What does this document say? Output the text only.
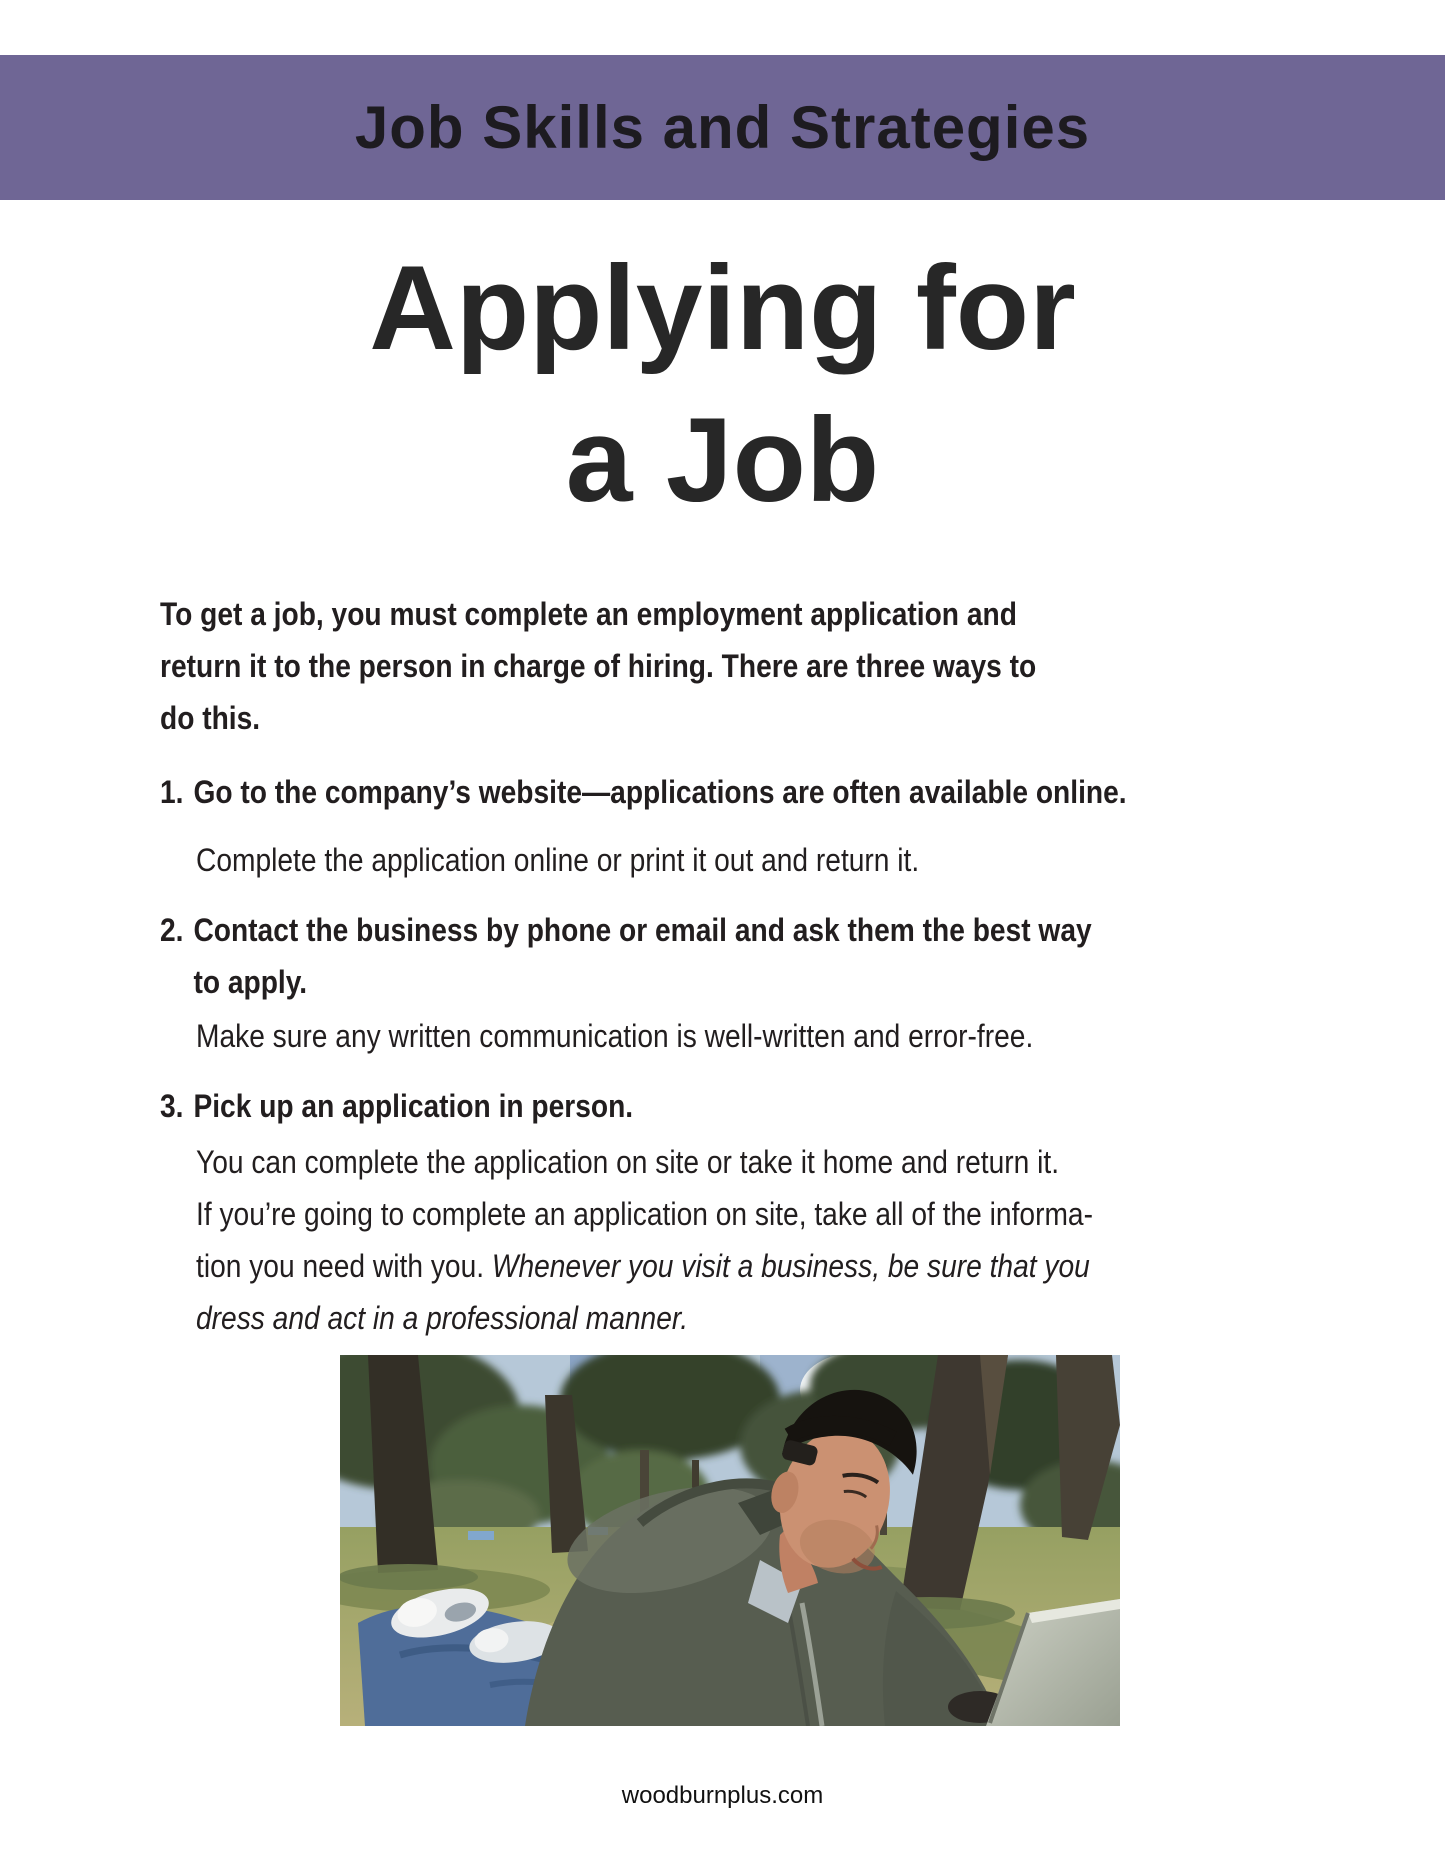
Job Skills and Strategies
Applying for
a Job

To get a job, you must complete an employment application and
return it to the person in charge of hiring. There are three ways to
do this.

1. Go to the company’s website—applications are often available online.

Complete the application online or print it out and return it.

2. Contact the business by phone or email and ask them the best way
to apply.

Make sure any written communication is well-written and error-free.

3. Pick up an application in person.

You can complete the application on site or take it home and return it.
If you’re going to complete an application on site, take all of the informa-
tion you need with you. Whenever you visit a business, be sure that you
dress and act in a professional manner.

woodburnplus.com
